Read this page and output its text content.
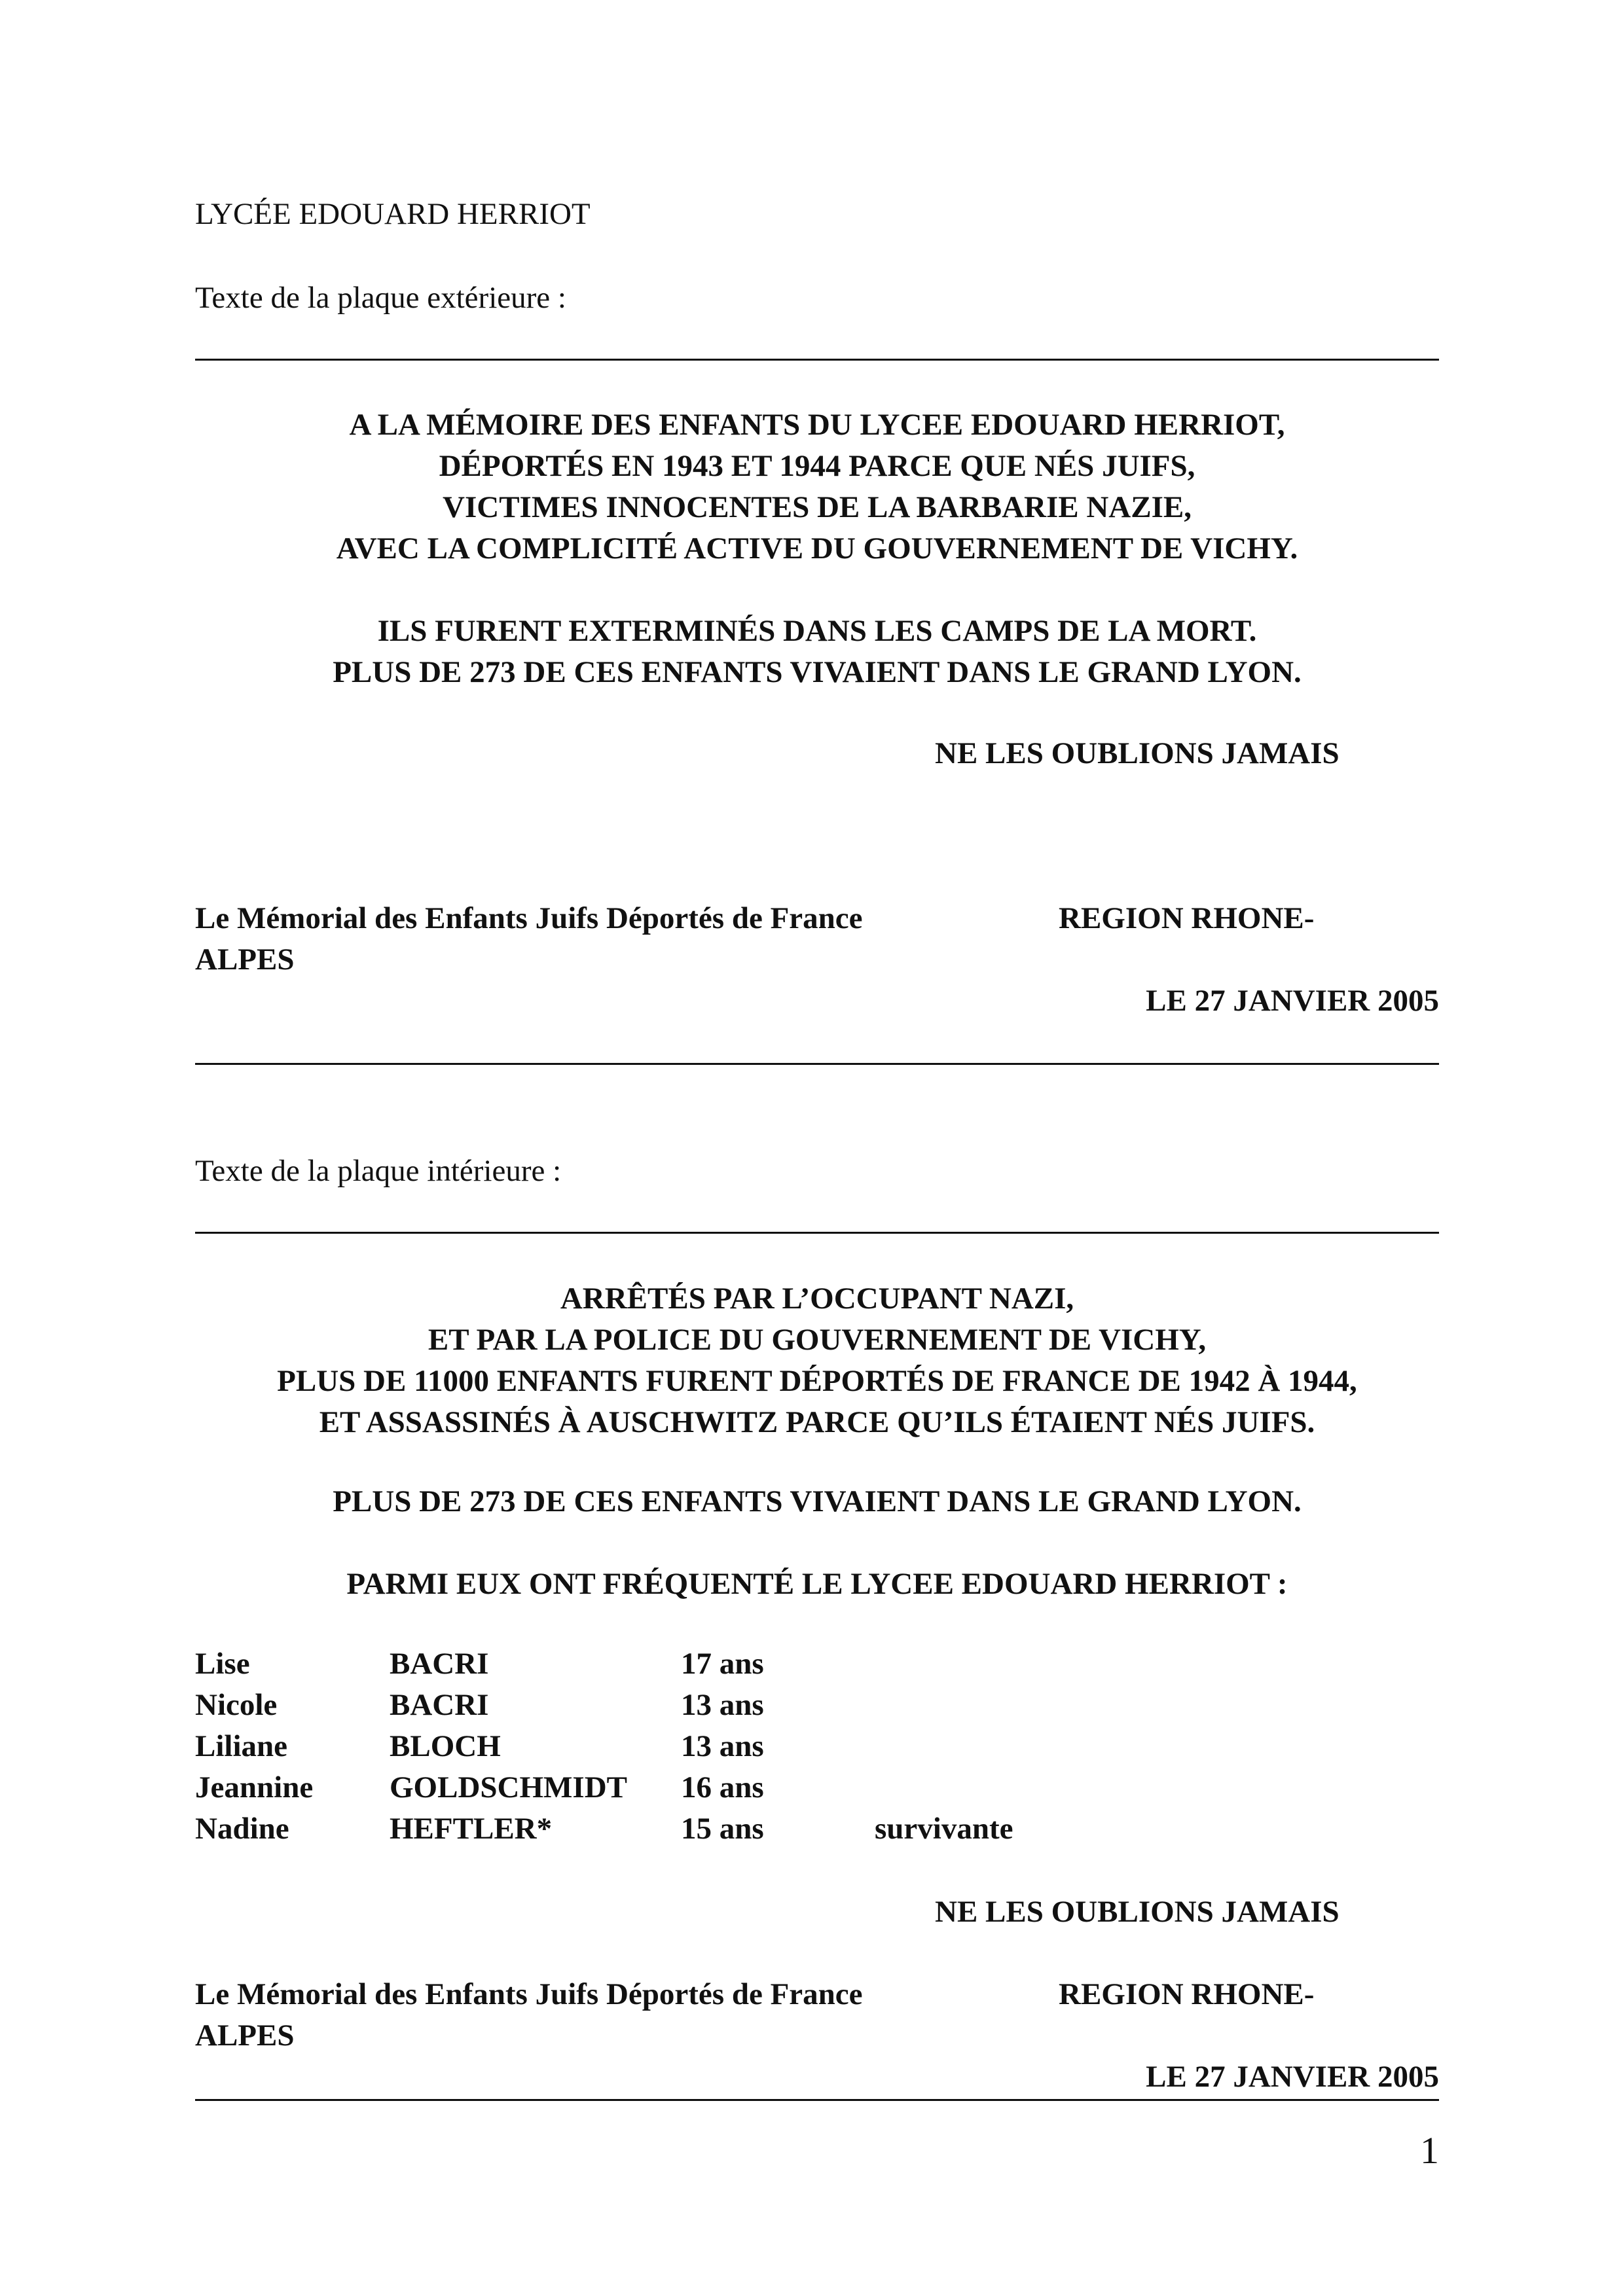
LYCÉE EDOUARD HERRIOT
Texte de la plaque extérieure :
A LA MÉMOIRE DES ENFANTS DU LYCEE EDOUARD HERRIOT,
DÉPORTÉS EN 1943 ET 1944 PARCE QUE NÉS JUIFS,
VICTIMES INNOCENTES DE LA BARBARIE NAZIE,
AVEC LA COMPLICITÉ ACTIVE DU GOUVERNEMENT DE VICHY.
ILS FURENT EXTERMINÉS DANS LES CAMPS DE LA MORT.
PLUS DE 273 DE CES ENFANTS VIVAIENT DANS LE GRAND LYON.
NE LES OUBLIONS JAMAIS
Le Mémorial des Enfants Juifs Déportés de France	REGION RHONE-
ALPES
LE 27 JANVIER 2005
Texte de la plaque intérieure :
ARRÊTÉS PAR L’OCCUPANT NAZI,
ET PAR LA POLICE DU GOUVERNEMENT DE VICHY,
PLUS DE 11000 ENFANTS FURENT DÉPORTÉS DE FRANCE DE 1942 À 1944,
ET ASSASSINÉS À AUSCHWITZ PARCE QU’ILS ÉTAIENT NÉS JUIFS.
PLUS DE 273 DE CES ENFANTS VIVAIENT DANS LE GRAND LYON.
PARMI EUX ONT FRÉQUENTÉ LE LYCEE EDOUARD HERRIOT :
Lise	BACRI	17 ans
Nicole	BACRI	13 ans
Liliane	BLOCH	13 ans
Jeannine GOLDSCHMIDT 16 ans
Nadine	HEFTLER*	15 ans	survivante
NE LES OUBLIONS JAMAIS
Le Mémorial des Enfants Juifs Déportés de France	REGION RHONE-
ALPES
LE 27 JANVIER 2005
1
